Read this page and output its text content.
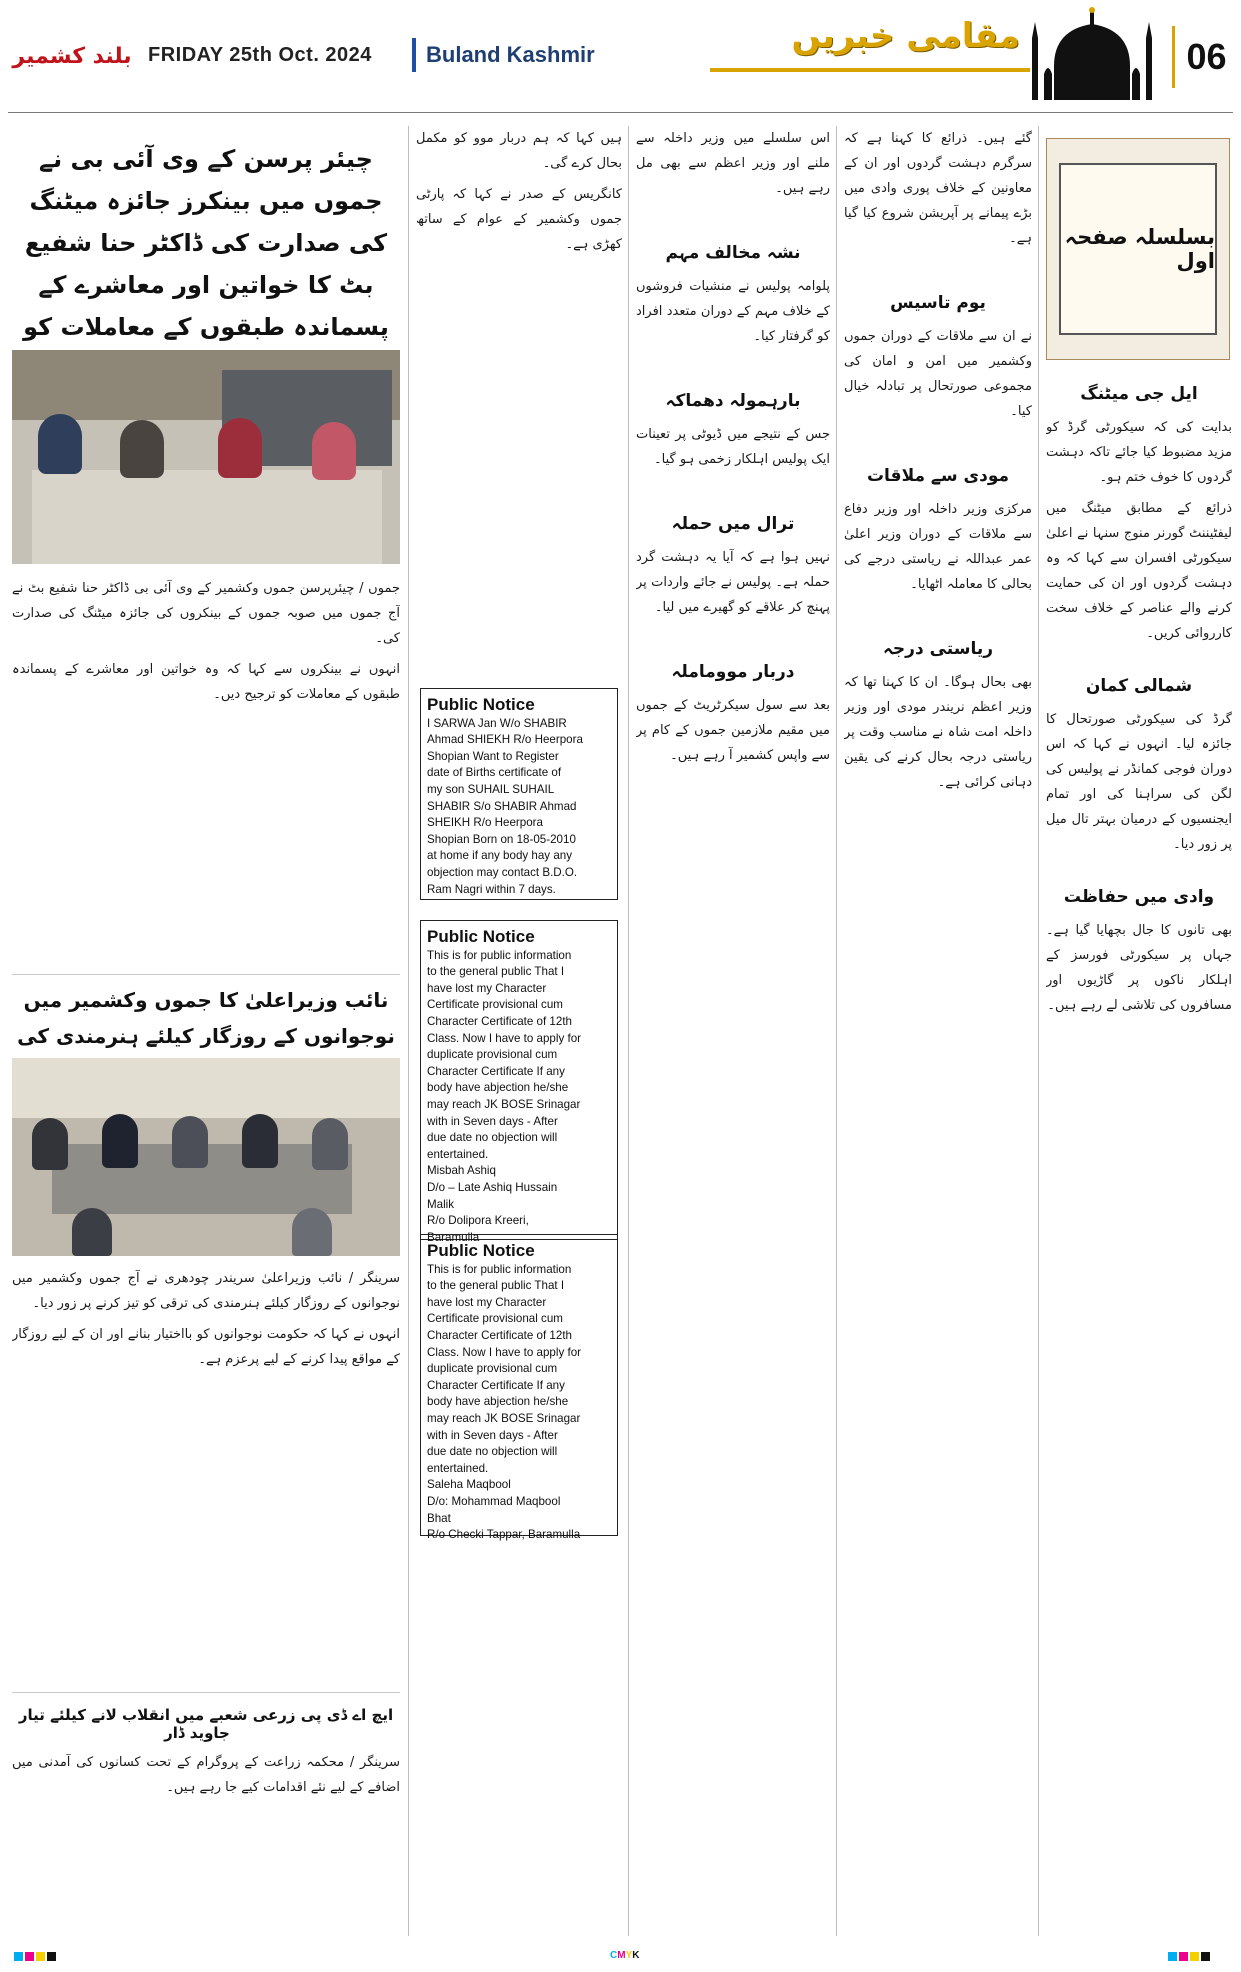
بلند کشمیر FRIDAY 25th Oct. 2024	Buland Kashmir	مقامی خبریں	06
بسلسلہ صفحہ اول
ایل جی میٹنگ

بدایت کی کہ سیکورٹی گرڈ کو مزید مضبوط کیا جائے تاکہ دہشت گردوں کا خوف ختم ہو۔

ذرائع کے مطابق میٹنگ میں لیفٹیننٹ گورنر منوج سنہا نے اعلیٰ سیکورٹی افسران سے کہا کہ وہ دہشت گردوں اور ان کی حمایت کرنے والے عناصر کے خلاف سخت کارروائی کریں۔

شمالی کمان

گرڈ کی سیکورٹی صورتحال کا جائزہ لیا۔ انہوں نے کہا کہ اس دوران فوجی کمانڈر نے پولیس کی لگن کی سراہنا کی اور تمام ایجنسیوں کے درمیان بہتر تال میل پر زور دیا۔

وادی میں حفاظت

بھی تانوں کا جال بچھایا گیا ہے۔ جہاں پر سیکورٹی فورسز کے اہلکار ناکوں پر گاڑیوں اور مسافروں کی تلاشی لے رہے ہیں۔

گئے ہیں۔ ذرائع کا کہنا ہے کہ سرگرم دہشت گردوں اور ان کے معاونین کے خلاف پوری وادی میں بڑے پیمانے پر آپریشن شروع کیا گیا ہے۔

یوم تاسیس

نے ان سے ملاقات کے دوران جموں وکشمیر میں امن و امان کی مجموعی صورتحال پر تبادلہ خیال کیا۔

مودی سے ملاقات

مرکزی وزیر داخلہ اور وزیر دفاع سے ملاقات کے دوران وزیر اعلیٰ عمر عبداللہ نے ریاستی درجے کی بحالی کا معاملہ اٹھایا۔

ریاستی درجہ

بھی بحال ہوگا۔ ان کا کہنا تھا کہ وزیر اعظم نریندر مودی اور وزیر داخلہ امت شاہ نے مناسب وقت پر ریاستی درجہ بحال کرنے کی یقین دہانی کرائی ہے۔

اس سلسلے میں وزیر داخلہ سے ملنے اور وزیر اعظم سے بھی مل رہے ہیں۔

نشہ مخالف مہم

پلوامہ پولیس نے منشیات فروشوں کے خلاف مہم کے دوران متعدد افراد کو گرفتار کیا۔

بارہمولہ دھماکہ

جس کے نتیجے میں ڈیوٹی پر تعینات ایک پولیس اہلکار زخمی ہو گیا۔

ترال میں حملہ

نہیں ہوا ہے کہ آیا یہ دہشت گرد حملہ ہے۔ پولیس نے جائے واردات پر پہنچ کر علاقے کو گھیرے میں لیا۔

دربار مووماملہ

بعد سے سول سیکرٹریٹ کے جموں میں مقیم ملازمین جموں کے کام پر سے واپس کشمیر آ رہے ہیں۔

ہیں کہا کہ ہم دربار موو کو مکمل بحال کرے گی۔

کانگریس کے صدر نے کہا کہ پارٹی جموں وکشمیر کے عوام کے ساتھ کھڑی ہے۔

Public Notice
I SARWA Jan W/o SHABIR
Ahmad SHIEKH R/o Heerpora
Shopian Want to Register
date of Births certificate of
my son SUHAIL SUHAIL
SHABIR S/o SHABIR Ahmad
SHEIKH R/o Heerpora
Shopian Born on 18-05-2010
at home if any body hay any
objection may contact B.D.O.
Ram Nagri within 7 days.
Public Notice
This is for public information
to the general public That I
have lost my Character
Certificate provisional cum
Character Certificate of 12th
Class. Now I have to apply for
duplicate provisional cum
Character Certificate If any
body have abjection he/she
may reach JK BOSE Srinagar
with in Seven days - After
due date no objection will
entertained.
Misbah Ashiq
D/o – Late Ashiq Hussain
Malik
R/o Dolipora Kreeri,
Baramulla
Public Notice
This is for public information
to the general public That I
have lost my Character
Certificate provisional cum
Character Certificate of 12th
Class. Now I have to apply for
duplicate provisional cum
Character Certificate If any
body have abjection he/she
may reach JK BOSE Srinagar
with in Seven days - After
due date no objection will
entertained.
Saleha Maqbool
D/o: Mohammad Maqbool
Bhat
R/o Checki Tappar, Baramulla
چیئر پرسن کے وی آئی بی نے جموں میں بینکرز جائزہ میٹنگ کی صدارت کی ڈاکٹر حنا شفیع بٹ کا خواتین اور معاشرے کے پسماندہ طبقوں کے معاملات کو

جموں / چیئرپرسن جموں وکشمیر کے وی آئی بی ڈاکٹر حنا شفیع بٹ نے آج جموں میں صوبہ جموں کے بینکروں کی جائزہ میٹنگ کی صدارت کی۔

انہوں نے بینکروں سے کہا کہ وہ خواتین اور معاشرے کے پسماندہ طبقوں کے معاملات کو ترجیح دیں۔

نائب وزیراعلیٰ کا جموں وکشمیر میں نوجوانوں کے روزگار کیلئے ہنرمندی کی

سرینگر / نائب وزیراعلیٰ سریندر چودھری نے آج جموں وکشمیر میں نوجوانوں کے روزگار کیلئے ہنرمندی کی ترقی کو تیز کرنے پر زور دیا۔

انہوں نے کہا کہ حکومت نوجوانوں کو بااختیار بنانے اور ان کے لیے روزگار کے مواقع پیدا کرنے کے لیے پرعزم ہے۔

ایچ اے ڈی پی زرعی شعبے میں انقلاب لانے کیلئے تیار جاوید ڈار

سرینگر / محکمہ زراعت کے پروگرام کے تحت کسانوں کی آمدنی میں اضافے کے لیے نئے اقدامات کیے جا رہے ہیں۔

CMYK
